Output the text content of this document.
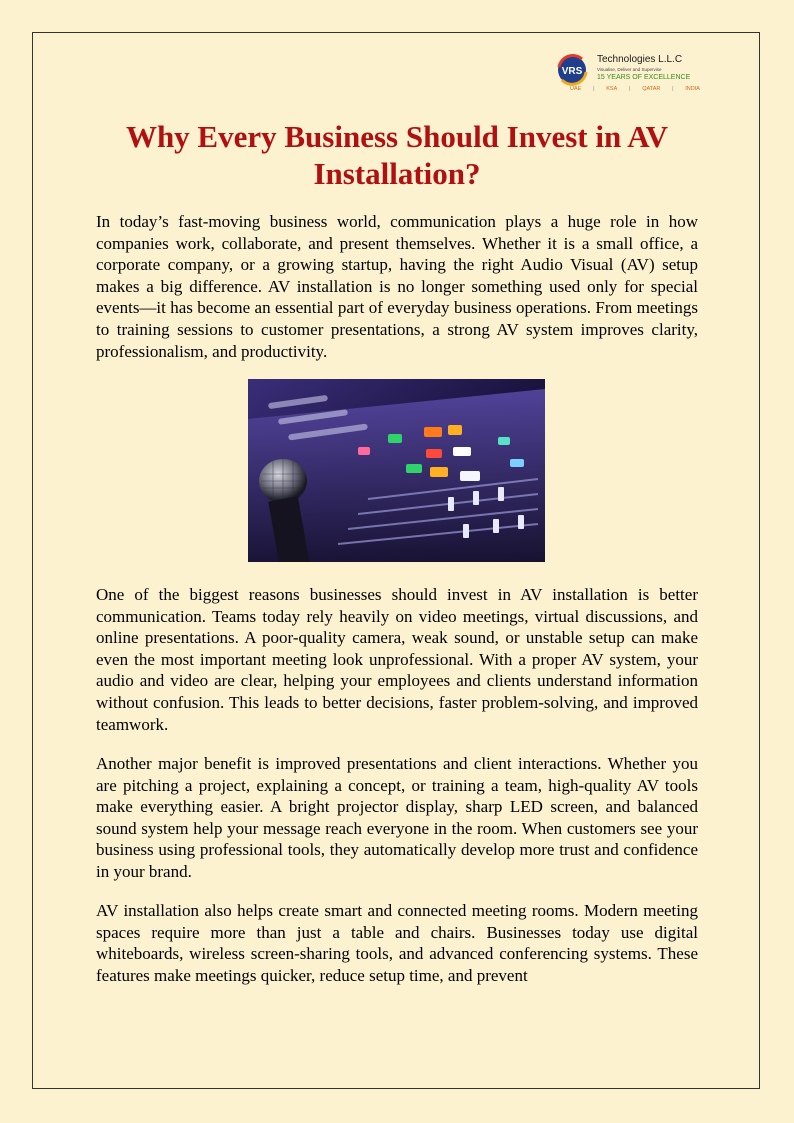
VRS
Technologies L.L.C
Visualise, Deliver and Supervise
15 YEARS OF EXCELLENCE
UAE | KSA | QATAR | INDIA
Why Every Business Should Invest in AV Installation?

In today’s fast-moving business world, communication plays a huge role in how companies work, collaborate, and present themselves. Whether it is a small office, a corporate company, or a growing startup, having the right Audio Visual (AV) setup makes a big difference. AV installation is no longer something used only for special events—it has become an essential part of everyday business operations. From meetings to training sessions to customer presentations, a strong AV system improves clarity, professionalism, and productivity.

One of the biggest reasons businesses should invest in AV installation is better communication. Teams today rely heavily on video meetings, virtual discussions, and online presentations. A poor-quality camera, weak sound, or unstable setup can make even the most important meeting look unprofessional. With a proper AV system, your audio and video are clear, helping your employees and clients understand information without confusion. This leads to better decisions, faster problem-solving, and improved teamwork.

Another major benefit is improved presentations and client interactions. Whether you are pitching a project, explaining a concept, or training a team, high-quality AV tools make everything easier. A bright projector display, sharp LED screen, and balanced sound system help your message reach everyone in the room. When customers see your business using professional tools, they automatically develop more trust and confidence in your brand.

AV installation also helps create smart and connected meeting rooms. Modern meeting spaces require more than just a table and chairs. Businesses today use digital whiteboards, wireless screen-sharing tools, and advanced conferencing systems. These features make meetings quicker, reduce setup time, and prevent
